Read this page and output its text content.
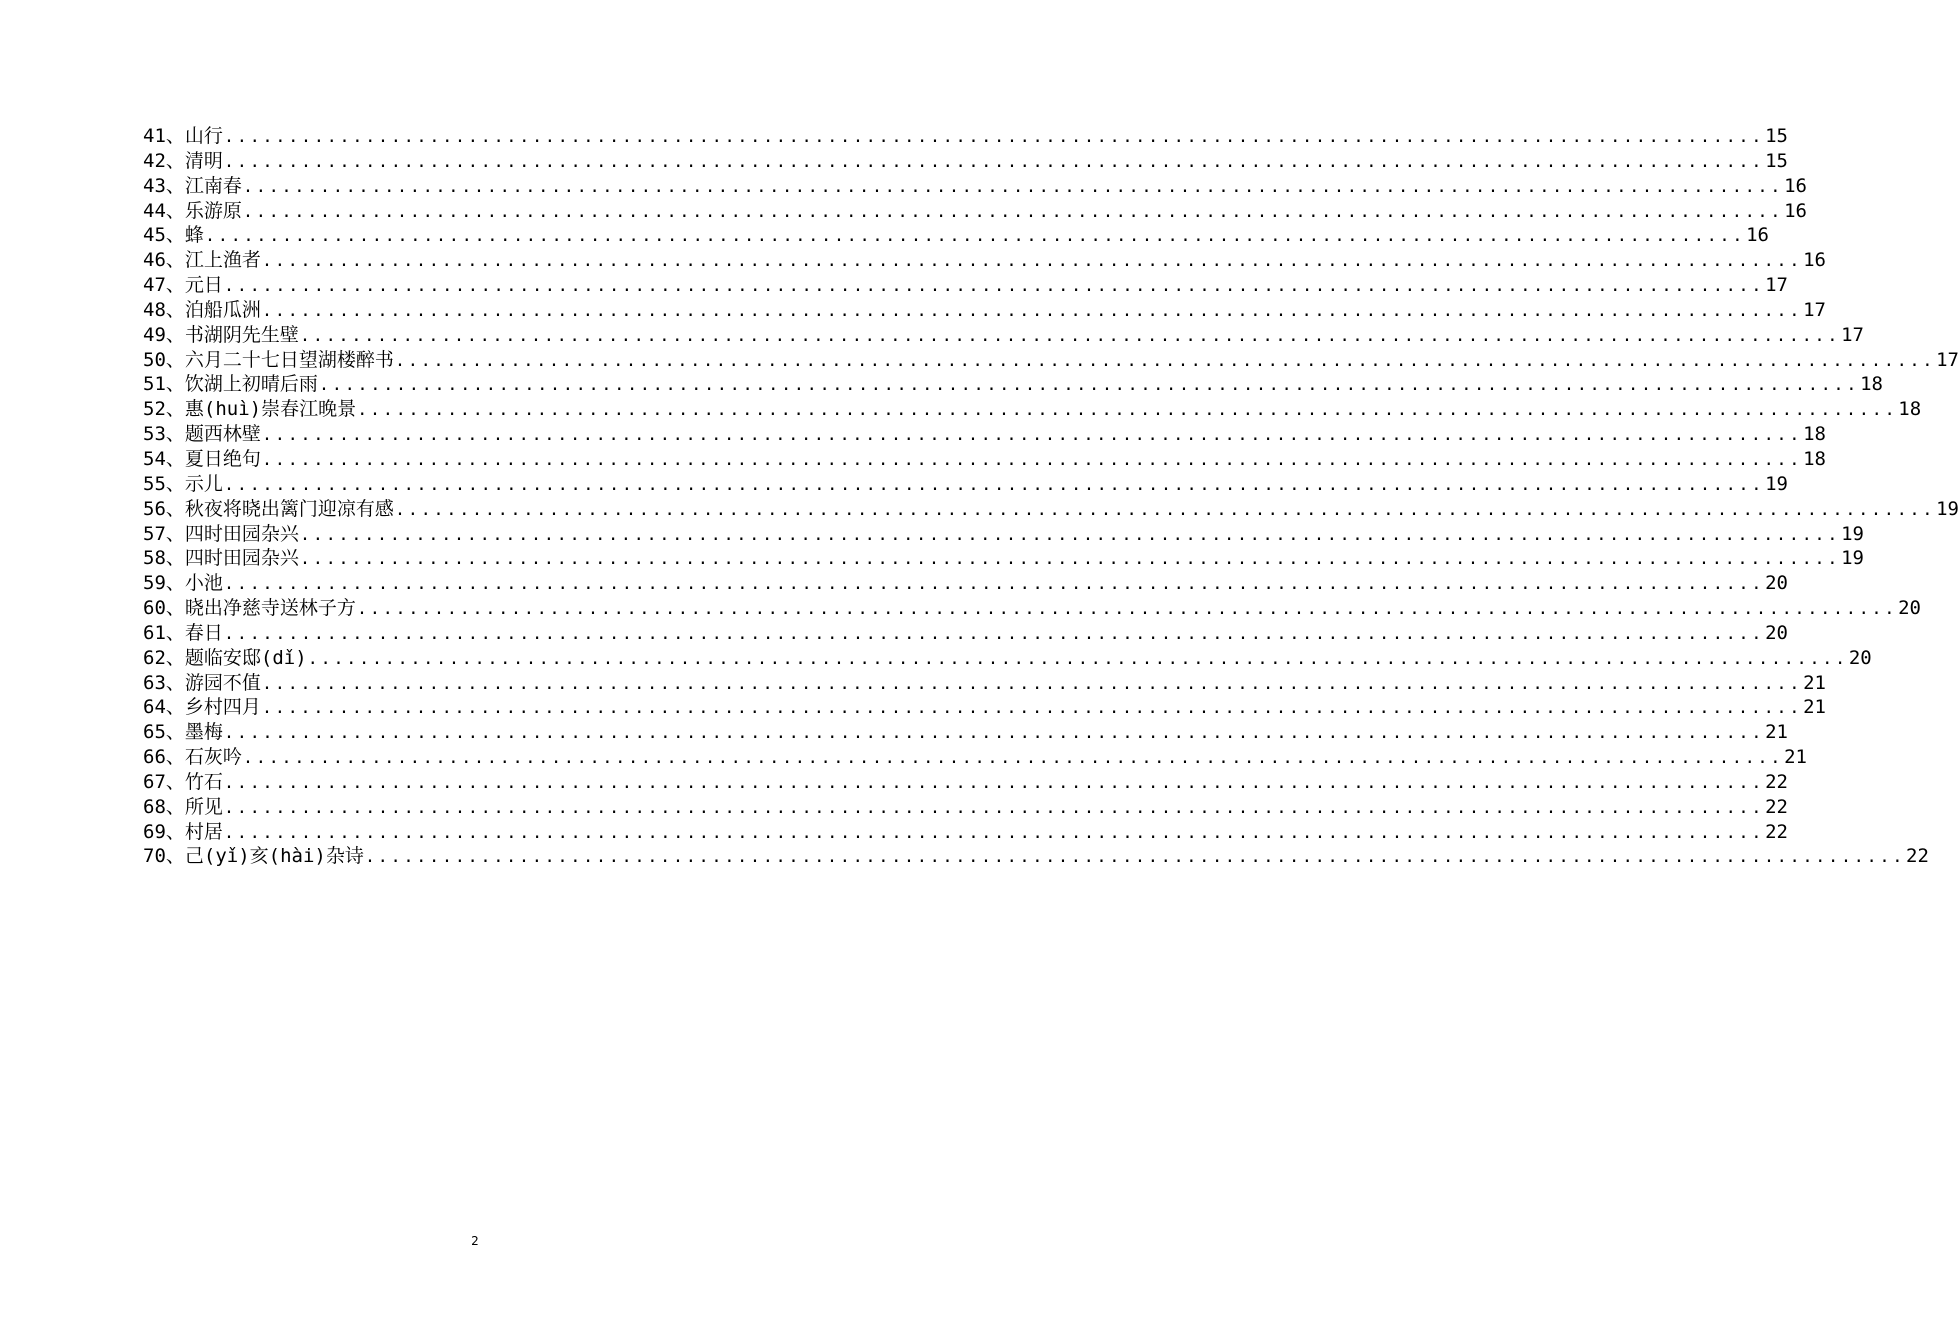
41、 山行 ........................................................................................................................ 15
42、 清明 ........................................................................................................................ 15
43、 江南春 ........................................................................................................................ 16
44、 乐游原 ........................................................................................................................ 16
45、 蜂 ........................................................................................................................ 16
46、 江上渔者 ........................................................................................................................ 16
47、 元日 ........................................................................................................................ 17
48、 泊船瓜洲 ........................................................................................................................ 17
49、 书湖阴先生壁 ........................................................................................................................ 17
50、 六月二十七日望湖楼醉书 ........................................................................................................................ 17
51、 饮湖上初晴后雨 ........................................................................................................................ 18
52、 惠(huì)崇春江晚景 ........................................................................................................................ 18
53、 题西林壁 ........................................................................................................................ 18
54、 夏日绝句 ........................................................................................................................ 18
55、 示儿 ........................................................................................................................ 19
56、 秋夜将晓出篱门迎凉有感 ........................................................................................................................ 19
57、 四时田园杂兴 ........................................................................................................................ 19
58、 四时田园杂兴 ........................................................................................................................ 19
59、 小池 ........................................................................................................................ 20
60、 晓出净慈寺送林子方 ........................................................................................................................ 20
61、 春日 ........................................................................................................................ 20
62、 题临安邸(dǐ) ........................................................................................................................ 20
63、 游园不值 ........................................................................................................................ 21
64、 乡村四月 ........................................................................................................................ 21
65、 墨梅 ........................................................................................................................ 21
66、 石灰吟 ........................................................................................................................ 21
67、 竹石 ........................................................................................................................ 22
68、 所见 ........................................................................................................................ 22
69、 村居 ........................................................................................................................ 22
70、 己(yǐ)亥(hài)杂诗 ........................................................................................................................ 22
2
